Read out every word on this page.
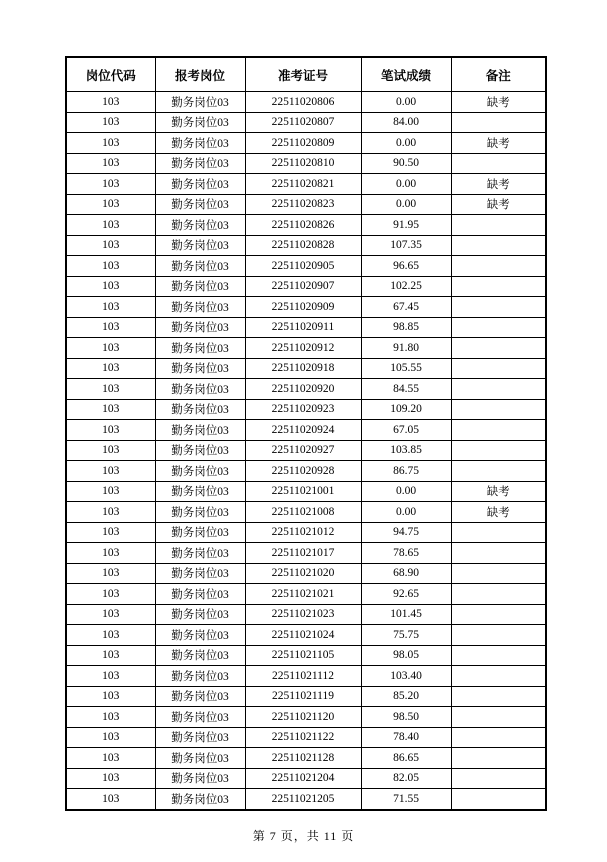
岗位代码	报考岗位	准考证号	笔试成绩	备注
103	勤务岗位03	22511020806	0.00	缺考
103	勤务岗位03	22511020807	84.00	
103	勤务岗位03	22511020809	0.00	缺考
103	勤务岗位03	22511020810	90.50	
103	勤务岗位03	22511020821	0.00	缺考
103	勤务岗位03	22511020823	0.00	缺考
103	勤务岗位03	22511020826	91.95	
103	勤务岗位03	22511020828	107.35	
103	勤务岗位03	22511020905	96.65	
103	勤务岗位03	22511020907	102.25	
103	勤务岗位03	22511020909	67.45	
103	勤务岗位03	22511020911	98.85	
103	勤务岗位03	22511020912	91.80	
103	勤务岗位03	22511020918	105.55	
103	勤务岗位03	22511020920	84.55	
103	勤务岗位03	22511020923	109.20	
103	勤务岗位03	22511020924	67.05	
103	勤务岗位03	22511020927	103.85	
103	勤务岗位03	22511020928	86.75	
103	勤务岗位03	22511021001	0.00	缺考
103	勤务岗位03	22511021008	0.00	缺考
103	勤务岗位03	22511021012	94.75	
103	勤务岗位03	22511021017	78.65	
103	勤务岗位03	22511021020	68.90	
103	勤务岗位03	22511021021	92.65	
103	勤务岗位03	22511021023	101.45	
103	勤务岗位03	22511021024	75.75	
103	勤务岗位03	22511021105	98.05	
103	勤务岗位03	22511021112	103.40	
103	勤务岗位03	22511021119	85.20	
103	勤务岗位03	22511021120	98.50	
103	勤务岗位03	22511021122	78.40	
103	勤务岗位03	22511021128	86.65	
103	勤务岗位03	22511021204	82.05	
103	勤务岗位03	22511021205	71.55	
第 7 页，共 11 页
